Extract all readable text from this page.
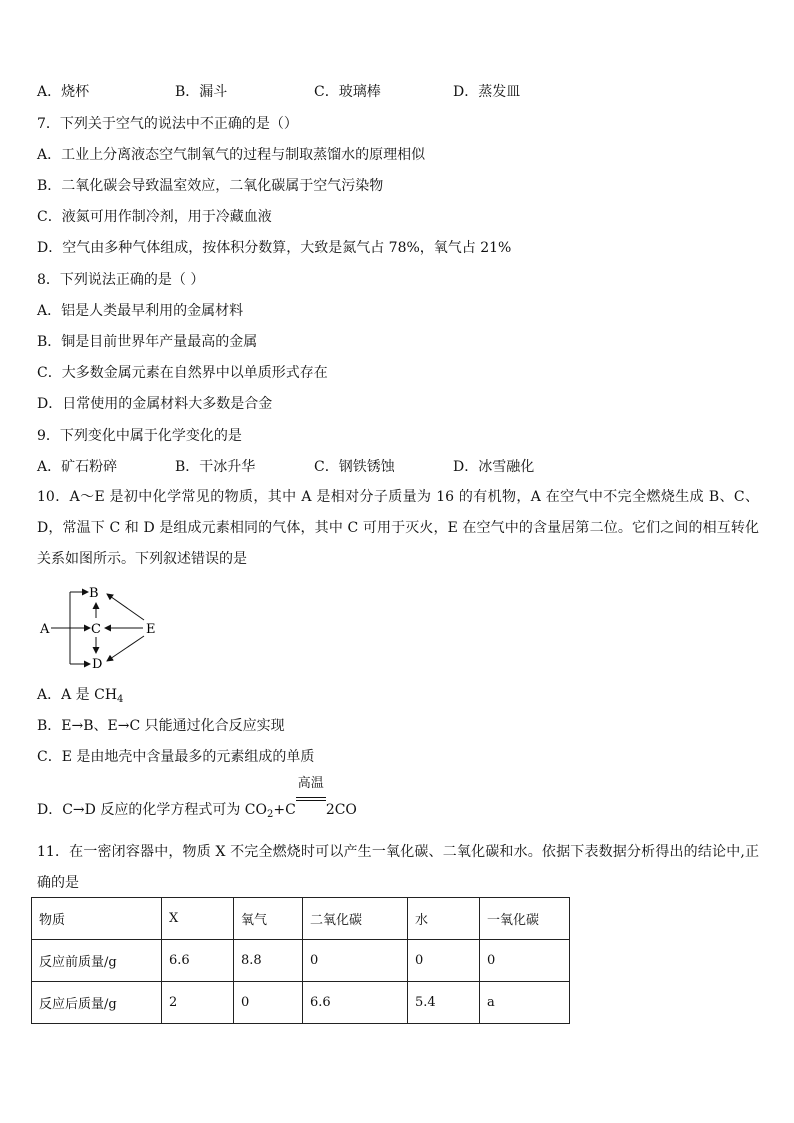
A．烧杯	B．漏斗	C．玻璃棒	D．蒸发皿
7．下列关于空气的说法中不正确的是（）
A．工业上分离液态空气制氧气的过程与制取蒸馏水的原理相似
B．二氧化碳会导致温室效应，二氧化碳属于空气污染物
C．液氮可用作制冷剂，用于冷藏血液
D．空气由多种气体组成，按体积分数算，大致是氮气占 78%，氧气占 21%
8．下列说法正确的是（ ）
A．铝是人类最早利用的金属材料
B．铜是目前世界年产量最高的金属
C．大多数金属元素在自然界中以单质形式存在
D．日常使用的金属材料大多数是合金
9．下列变化中属于化学变化的是
A．矿石粉碎	B．干冰升华	C．钢铁锈蚀	D．冰雪融化
10．A～E 是初中化学常见的物质，其中 A 是相对分子质量为 16 的有机物，A 在空气中不完全燃烧生成 B、C、D，常温下 C 和 D 是组成元素相同的气体，其中 C 可用于灭火，E 在空气中的含量居第二位。它们之间的相互转化关系如图所示。下列叙述错误的是
A
B
C
D
E
A．A 是 $CH_4$
B．E→B、E→C 只能通过化合反应实现
C．E 是由地壳中含量最多的元素组成的单质
D．C→D 反应的化学方程式可为 $CO_2+C$
高温
2CO
11．在一密闭容器中，物质 X 不完全燃烧时可以产生一氧化碳、二氧化碳和水。依据下表数据分析得出的结论中,正确的是
物质	X	氧气	二氧化碳	水	一氧化碳
反应前质量/g	6.6	8.8	0	0	0
反应后质量/g	2	0	6.6	5.4	a
